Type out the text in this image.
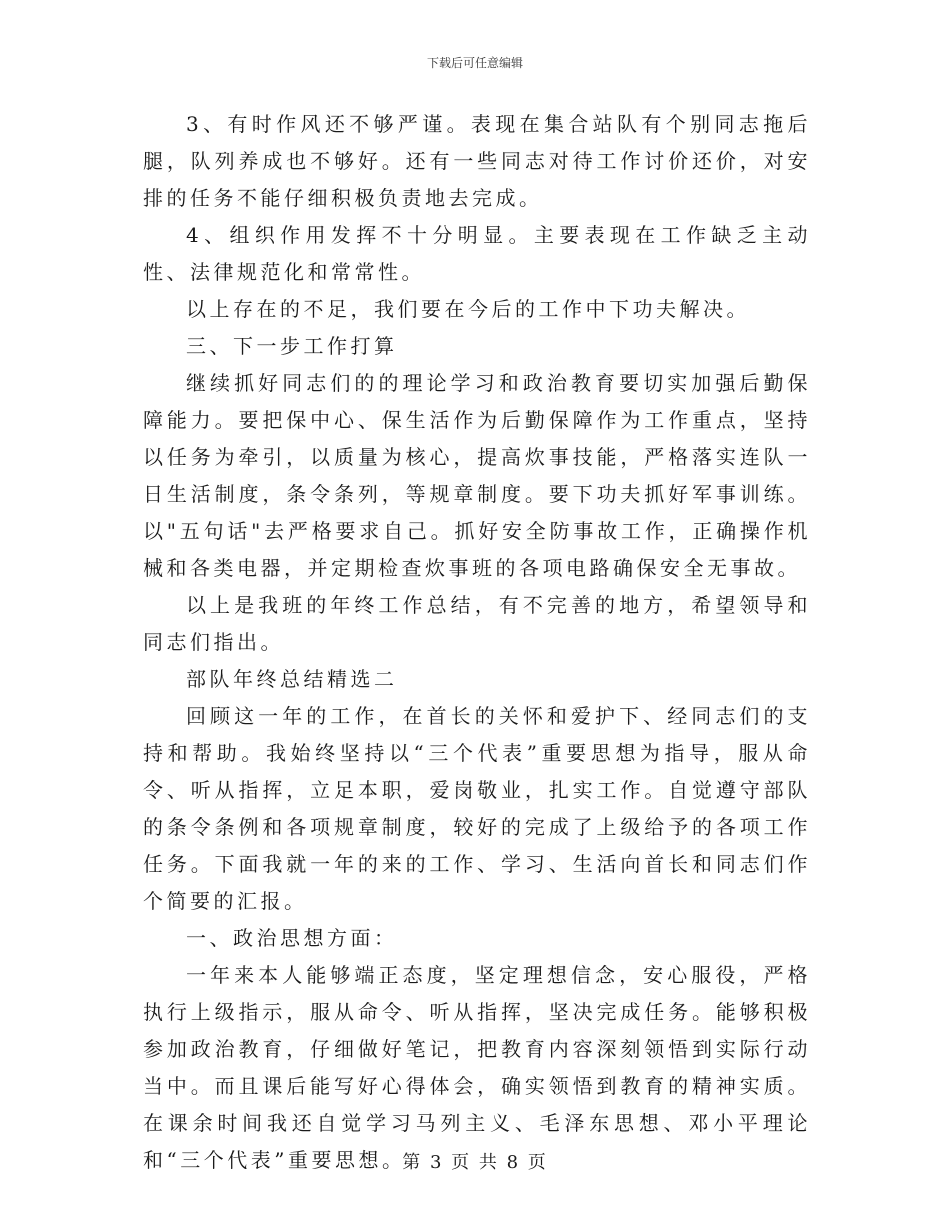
下载后可任意编辑

3、有时作风还不够严谨。表现在集合站队有个别同志拖后腿，队列养成也不够好。还有一些同志对待工作讨价还价，对安排的任务不能仔细积极负责地去完成。

4、组织作用发挥不十分明显。主要表现在工作缺乏主动性、法律规范化和常常性。

以上存在的不足，我们要在今后的工作中下功夫解决。

三、下一步工作打算

继续抓好同志们的的理论学习和政治教育要切实加强后勤保障能力。要把保中心、保生活作为后勤保障作为工作重点，坚持以任务为牵引，以质量为核心，提高炊事技能，严格落实连队一日生活制度，条令条列，等规章制度。要下功夫抓好军事训练。以"五句话"去严格要求自己。抓好安全防事故工作，正确操作机械和各类电器，并定期检查炊事班的各项电路确保安全无事故。

以上是我班的年终工作总结，有不完善的地方，希望领导和同志们指出。

部队年终总结精选二

回顾这一年的工作，在首长的关怀和爱护下、经同志们的支持和帮助。我始终坚持以“三个代表”重要思想为指导，服从命令、听从指挥，立足本职，爱岗敬业，扎实工作。自觉遵守部队的条令条例和各项规章制度，较好的完成了上级给予的各项工作任务。下面我就一年的来的工作、学习、生活向首长和同志们作个简要的汇报。

一、政治思想方面：

一年来本人能够端正态度，坚定理想信念，安心服役，严格执行上级指示，服从命令、听从指挥，坚决完成任务。能够积极参加政治教育，仔细做好笔记，把教育内容深刻领悟到实际行动当中。而且课后能写好心得体会，确实领悟到教育的精神实质。在课余时间我还自觉学习马列主义、毛泽东思想、邓小平理论和“三个代表”重要思想。

第 3 页 共 8 页
